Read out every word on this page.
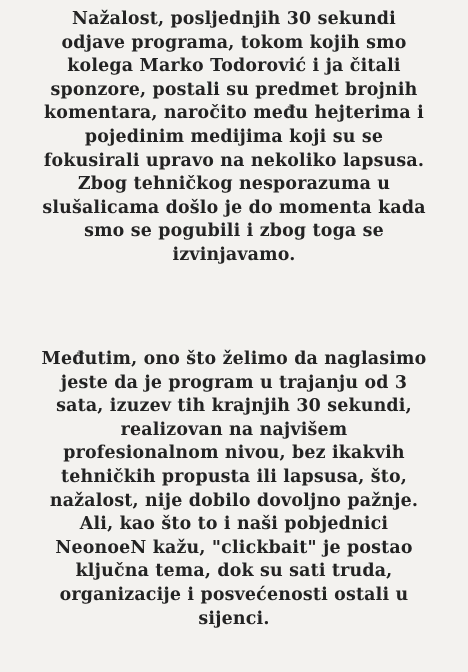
Nažalost, posljednjih 30 sekundi
odjave programa, tokom kojih smo
kolega Marko Todorović i ja čitali
sponzore, postali su predmet brojnih
komentara, naročito među hejterima i
pojedinim medijima koji su se
fokusirali upravo na nekoliko lapsusa.
Zbog tehničkog nesporazuma u
slušalicama došlo je do momenta kada
smo se pogubili i zbog toga se
izvinjavamo.

Međutim, ono što želimo da naglasimo
jeste da je program u trajanju od 3
sata, izuzev tih krajnjih 30 sekundi,
realizovan na najvišem
profesionalnom nivou, bez ikakvih
tehničkih propusta ili lapsusa, što,
nažalost, nije dobilo dovoljno pažnje.
Ali, kao što to i naši pobjednici
NeonoeN kažu, "clickbait" je postao
ključna tema, dok su sati truda,
organizacije i posvećenosti ostali u
sijenci.
